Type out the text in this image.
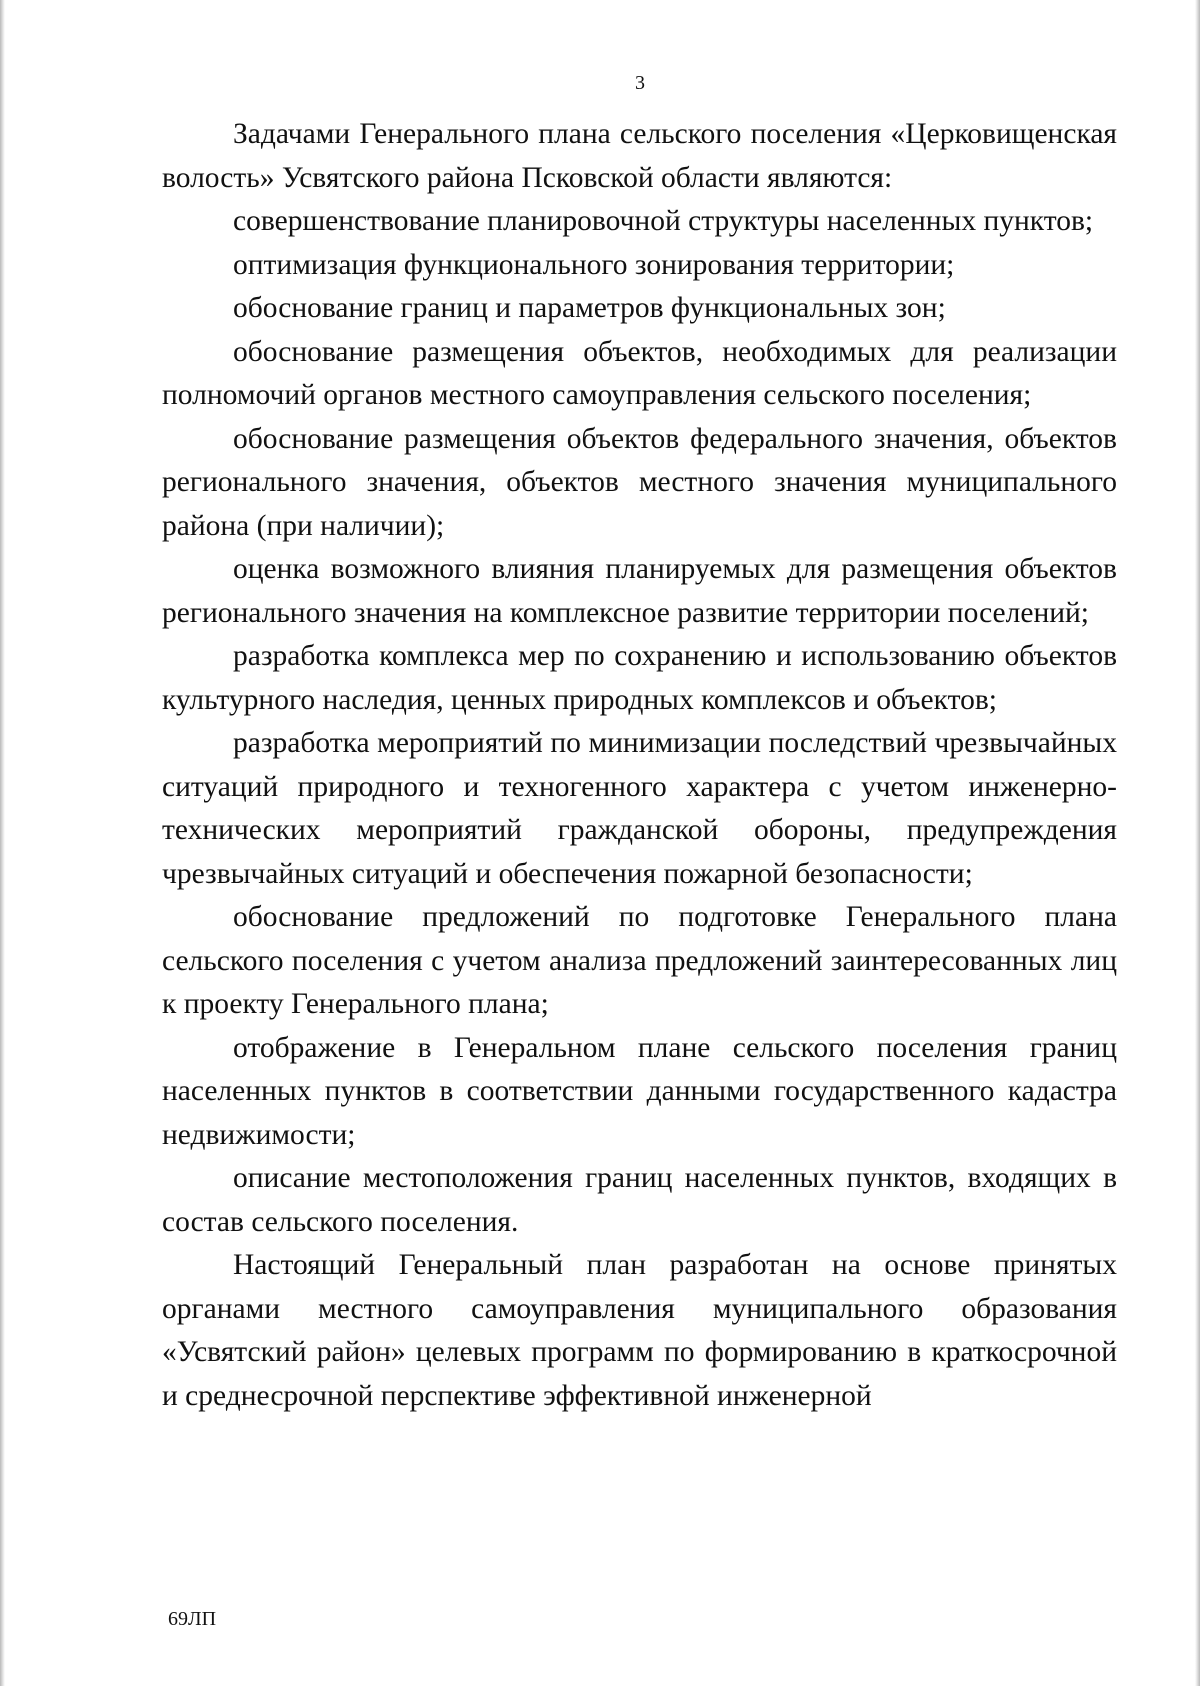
3

Задачами Генерального плана сельского поселения «Церковищенская волость» Усвятского района Псковской области являются:

совершенствование планировочной структуры населенных пунктов;

оптимизация функционального зонирования территории;

обоснование границ и параметров функциональных зон;

обоснование размещения объектов, необходимых для реализации полномочий органов местного самоуправления сельского поселения;

обоснование размещения объектов федерального значения, объектов регионального значения, объектов местного значения муниципального района (при наличии);

оценка возможного влияния планируемых для размещения объектов регионального значения на комплексное развитие территории поселений;

разработка комплекса мер по сохранению и использованию объектов культурного наследия, ценных природных комплексов и объектов;

разработка мероприятий по минимизации последствий чрезвычайных ситуаций природного и техногенного характера с учетом инженерно-технических мероприятий гражданской обороны, предупреждения чрезвычайных ситуаций и обеспечения пожарной безопасности;

обоснование предложений по подготовке Генерального плана сельского поселения с учетом анализа предложений заинтересованных лиц к проекту Генерального плана;

отображение в Генеральном плане сельского поселения границ населенных пунктов в соответствии данными государственного кадастра недвижимости;

описание местоположения границ населенных пунктов, входящих в состав сельского поселения.

Настоящий Генеральный план разработан на основе принятых органами местного самоуправления муниципального образования «Усвятский район» целевых программ по формированию в краткосрочной и среднесрочной перспективе эффективной инженерной

69ЛП
